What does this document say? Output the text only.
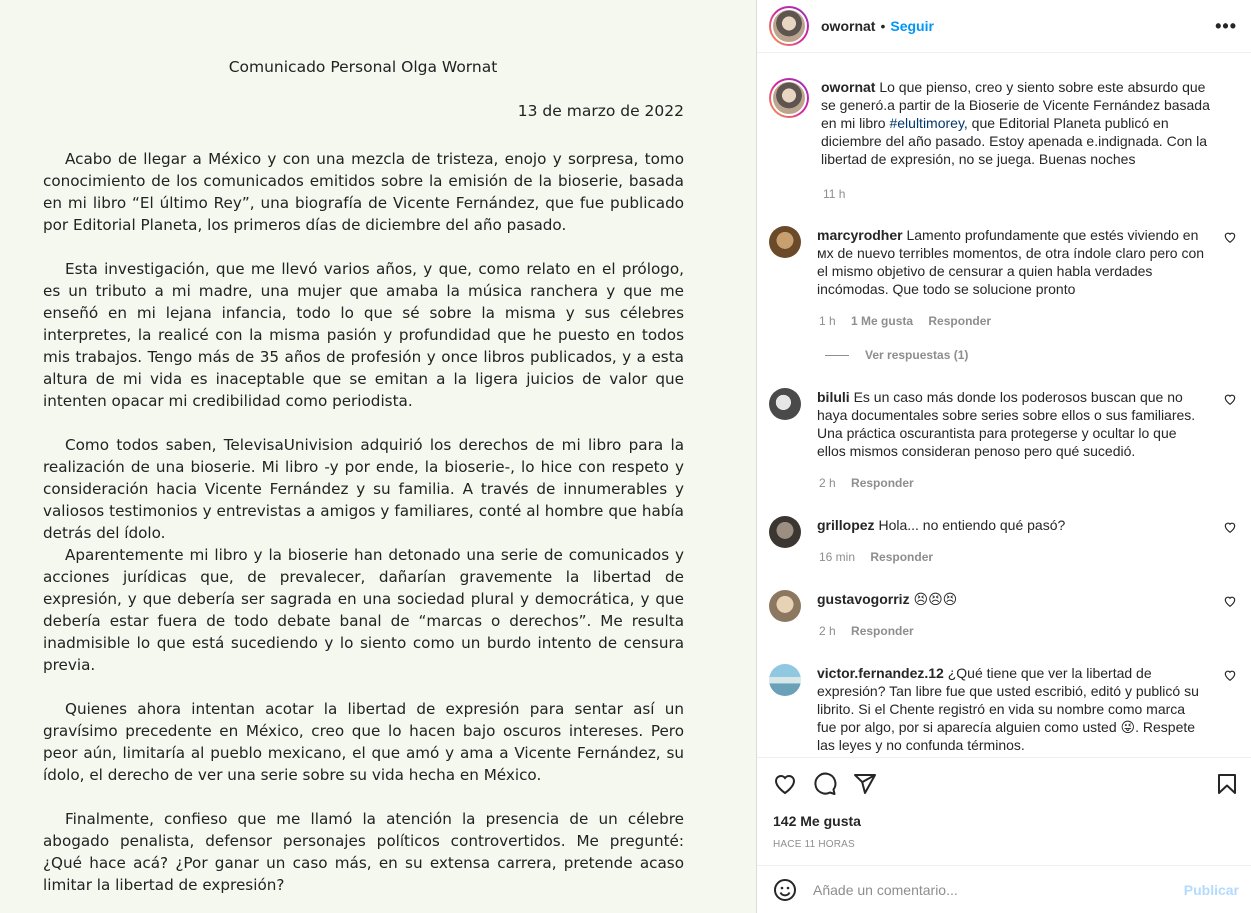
Comunicado Personal Olga Wornat
13 de marzo de 2022

Acabo de llegar a México y con una mezcla de tristeza, enojo y sorpresa, tomo conocimiento de los comunicados emitidos sobre la emisión de la bioserie, basada en mi libro “El último Rey”, una biografía de Vicente Fernández, que fue publicado por Editorial Planeta, los primeros días de diciembre del año pasado.

Esta investigación, que me llevó varios años, y que, como relato en el prólogo, es un tributo a mi madre, una mujer que amaba la música ranchera y que me enseñó en mi lejana infancia, todo lo que sé sobre la misma y sus célebres interpretes, la realicé con la misma pasión y profundidad que he puesto en todos mis trabajos. Tengo más de 35 años de profesión y once libros publicados, y a esta altura de mi vida es inaceptable que se emitan a la ligera juicios de valor que intenten opacar mi credibilidad como periodista.

Como todos saben, TelevisaUnivision adquirió los derechos de mi libro para la realización de una bioserie. Mi libro -y por ende, la bioserie-, lo hice con respeto y consideración hacia Vicente Fernández y su familia. A través de innumerables y valiosos testimonios y entrevistas a amigos y familiares, conté al hombre que había detrás del ídolo.

Aparentemente mi libro y la bioserie han detonado una serie de comunicados y acciones jurídicas que, de prevalecer, dañarían gravemente la libertad de expresión, y que debería ser sagrada en una sociedad plural y democrática, y que debería estar fuera de todo debate banal de “marcas o derechos”. Me resulta inadmisible lo que está sucediendo y lo siento como un burdo intento de censura previa.

Quienes ahora intentan acotar la libertad de expresión para sentar así un gravísimo precedente en México, creo que lo hacen bajo oscuros intereses. Pero peor aún, limitaría al pueblo mexicano, el que amó y ama a Vicente Fernández, su ídolo, el derecho de ver una serie sobre su vida hecha en México.

Finalmente, confieso que me llamó la atención la presencia de un célebre abogado penalista, defensor personajes políticos controvertidos. Me pregunté: ¿Qué hace acá? ¿Por ganar un caso más, en su extensa carrera, pretende acaso limitar la libertad de expresión?

owornat • Seguir	•••
owornat Lo que pienso, creo y siento sobre este absurdo que se generó.a partir de la Bioserie de Vicente Fernández basada en mi libro #elultimorey, que Editorial Planeta publicó en diciembre del año pasado. Estoy apenada e.indignada. Con la libertad de expresión, no se juega. Buenas noches
11 h
marcyrodher Lamento profundamente que estés viviendo en ᴍx de nuevo terribles momentos, de otra índole claro pero con el mismo objetivo de censurar a quien habla verdades incómodas. Que todo se solucione pronto
1 h 1 Me gusta Responder
Ver respuestas (1)
biluli Es un caso más donde los poderosos buscan que no haya documentales sobre series sobre ellos o sus familiares. Una práctica oscurantista para protegerse y ocultar lo que ellos mismos consideran penoso pero qué sucedió.
2 h Responder
grillopez Hola... no entiendo qué pasó?
16 min Responder
gustavogorriz 😣😣😣
2 h Responder
victor.fernandez.12 ¿Qué tiene que ver la libertad de expresión? Tan libre fue que usted escribió, editó y publicó su librito. Si el Chente registró en vida su nombre como marca fue por algo, por si aparecía alguien como usted 😜. Respete las leyes y no confunda términos.
142 Me gusta
HACE 11 HORAS
Añade un comentario...	Publicar
